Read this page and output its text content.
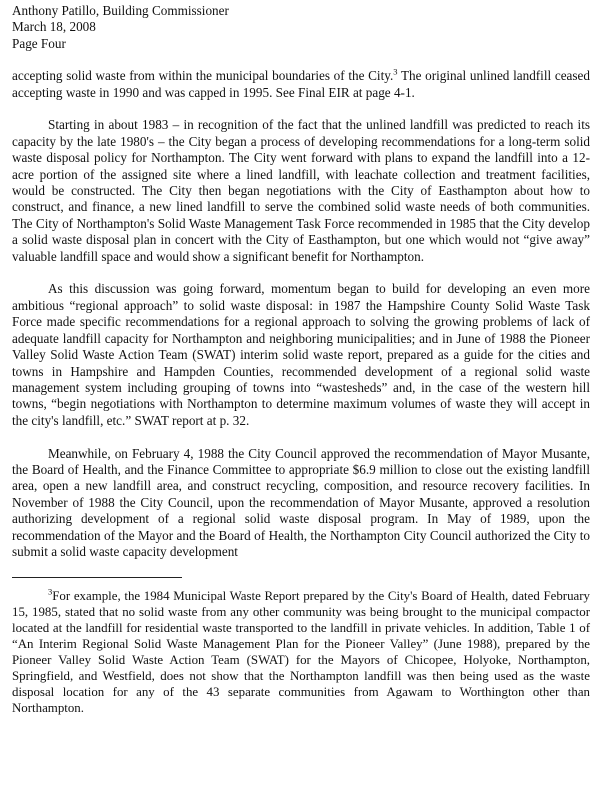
Anthony Patillo, Building Commissioner
March 18, 2008
Page Four

accepting solid waste from within the municipal boundaries of the City.$^3$ The original unlined landfill ceased accepting waste in 1990 and was capped in 1995. See Final EIR at page 4-1.

Starting in about 1983 – in recognition of the fact that the unlined landfill was predicted to reach its capacity by the late 1980's – the City began a process of developing recommendations for a long-term solid waste disposal policy for Northampton. The City went forward with plans to expand the landfill into a 12-acre portion of the assigned site where a lined landfill, with leachate collection and treatment facilities, would be constructed. The City then began negotiations with the City of Easthampton about how to construct, and finance, a new lined landfill to serve the combined solid waste needs of both communities. The City of Northampton's Solid Waste Management Task Force recommended in 1985 that the City develop a solid waste disposal plan in concert with the City of Easthampton, but one which would not “give away” valuable landfill space and would show a significant benefit for Northampton.

As this discussion was going forward, momentum began to build for developing an even more ambitious “regional approach” to solid waste disposal: in 1987 the Hampshire County Solid Waste Task Force made specific recommendations for a regional approach to solving the growing problems of lack of adequate landfill capacity for Northampton and neighboring municipalities; and in June of 1988 the Pioneer Valley Solid Waste Action Team (SWAT) interim solid waste report, prepared as a guide for the cities and towns in Hampshire and Hampden Counties, recommended development of a regional solid waste management system including grouping of towns into “wastesheds” and, in the case of the western hill towns, “begin negotiations with Northampton to determine maximum volumes of waste they will accept in the city's landfill, etc.” SWAT report at p. 32.

Meanwhile, on February 4, 1988 the City Council approved the recommendation of Mayor Musante, the Board of Health, and the Finance Committee to appropriate $6.9 million to close out the existing landfill area, open a new landfill area, and construct recycling, composition, and resource recovery facilities. In November of 1988 the City Council, upon the recommendation of Mayor Musante, approved a resolution authorizing development of a regional solid waste disposal program. In May of 1989, upon the recommendation of the Mayor and the Board of Health, the Northampton City Council authorized the City to submit a solid waste capacity development

$^3$For example, the 1984 Municipal Waste Report prepared by the City's Board of Health, dated February 15, 1985, stated that no solid waste from any other community was being brought to the municipal compactor located at the landfill for residential waste transported to the landfill in private vehicles. In addition, Table 1 of “An Interim Regional Solid Waste Management Plan for the Pioneer Valley” (June 1988), prepared by the Pioneer Valley Solid Waste Action Team (SWAT) for the Mayors of Chicopee, Holyoke, Northampton, Springfield, and Westfield, does not show that the Northampton landfill was then being used as the waste disposal location for any of the 43 separate communities from Agawam to Worthington other than Northampton.
